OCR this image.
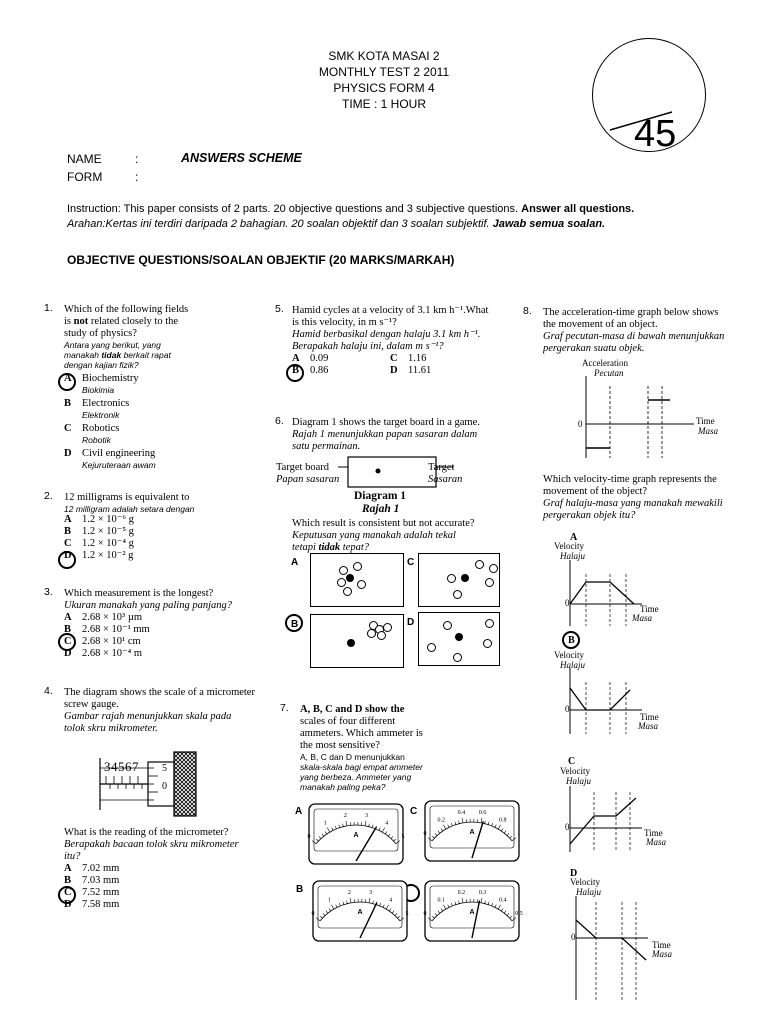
SMK KOTA MASAI 2
MONTHLY TEST 2 2011
PHYSICS FORM 4
TIME : 1 HOUR
45
NAME	:	ANSWERS SCHEME
FORM	:
Instruction: This paper consists of 2 parts. 20 objective questions and 3 subjective questions. Answer all questions.
Arahan:Kertas ini terdiri daripada 2 bahagian. 20 soalan objektif dan 3 soalan subjektif. Jawab semua soalan.
OBJECTIVE QUESTIONS/SOALAN OBJEKTIF (20 MARKS/MARKAH)
1. Which of the following fields
is not related closely to the
study of physics?
Antara yang berikut, yang
manakah tidak berkait rapat
dengan kajian fizik?
A Biochemistry
Biokimia
B	Electronics
Elektronik
C Robotics
Robotik
D Civil engineering
Kejuruteraan awam
2. 12 milligrams is equivalent to
12 milligram adalah setara dengan
A 1.2 × 10⁻⁶ g
B	1.2 × 10⁻⁵ g
C 1.2 × 10⁻⁴ g
D 1.2 × 10⁻² g
3. Which measurement is the longest?
Ukuran manakah yang paling panjang?
A 2.68 × 10³ µm
B	2.68 × 10⁻¹ mm
C 2.68 × 10¹ cm
D 2.68 × 10⁻⁴ m
4. The diagram shows the scale of a micrometer
screw gauge.
Gambar rajah menunjukkan skala pada
tolok skru mikrometer.
34567 5
0
What is the reading of the micrometer?
Berapakah bacaan tolok skru mikrometer
itu?
A 7.02 mm
B	7.03 mm
C 7.52 mm
D 7.58 mm
5. Hamid cycles at a velocity of 3.1 km h⁻¹.What
is this velocity, in m s⁻¹?
Hamid berbasikal dengan halaju 3.1 km h⁻¹.
Berapakah halaju ini, dalam m s⁻¹?
A 0.09	C 1.16
B	0.86	D 11.61
6. Diagram 1 shows the target board in a game.
Rajah 1 menunjukkan papan sasaran dalam
satu permainan.
Target board
Papan sasaran
Target
Sasaran
Diagram 1
Rajah 1
Which result is consistent but not accurate?
Keputusan yang manakah adalah tekal
tetapi tidak tepat?
A	C
B	D
7. A, B, C and D show the
scales of four different
ammeters. Which ammeter is
the most sensitive?
A, B, C dan D menunjukkan
skala-skala bagi empat ammeter
yang berbeza. Ammeter yang
manakah paling peka?
A	C
B
0
1
2	3
4
5
A	0
0.2
0.4 0.6
0.8
1
A
0
1
2	3
4
5
A	0
0.1
0.2 0.3
0.4
0.5
A
8. The acceleration-time graph below shows
the movement of an object.
Graf pecutan-masa di bawah menunjukkan
pergerakan suatu objek.
Acceleration
Pecutan
0	Time
Masa
Which velocity-time graph represents the
movement of the object?
Graf halaju-masa yang manakah mewakili
pergerakan objek itu?
A
Velocity
Halaju
0
Time
Masa
B
Velocity
Halaju
0
Time
Masa
C
Velocity
Halaju
0
Time
Masa
D
Velocity
Halaju
0
Time
Masa
